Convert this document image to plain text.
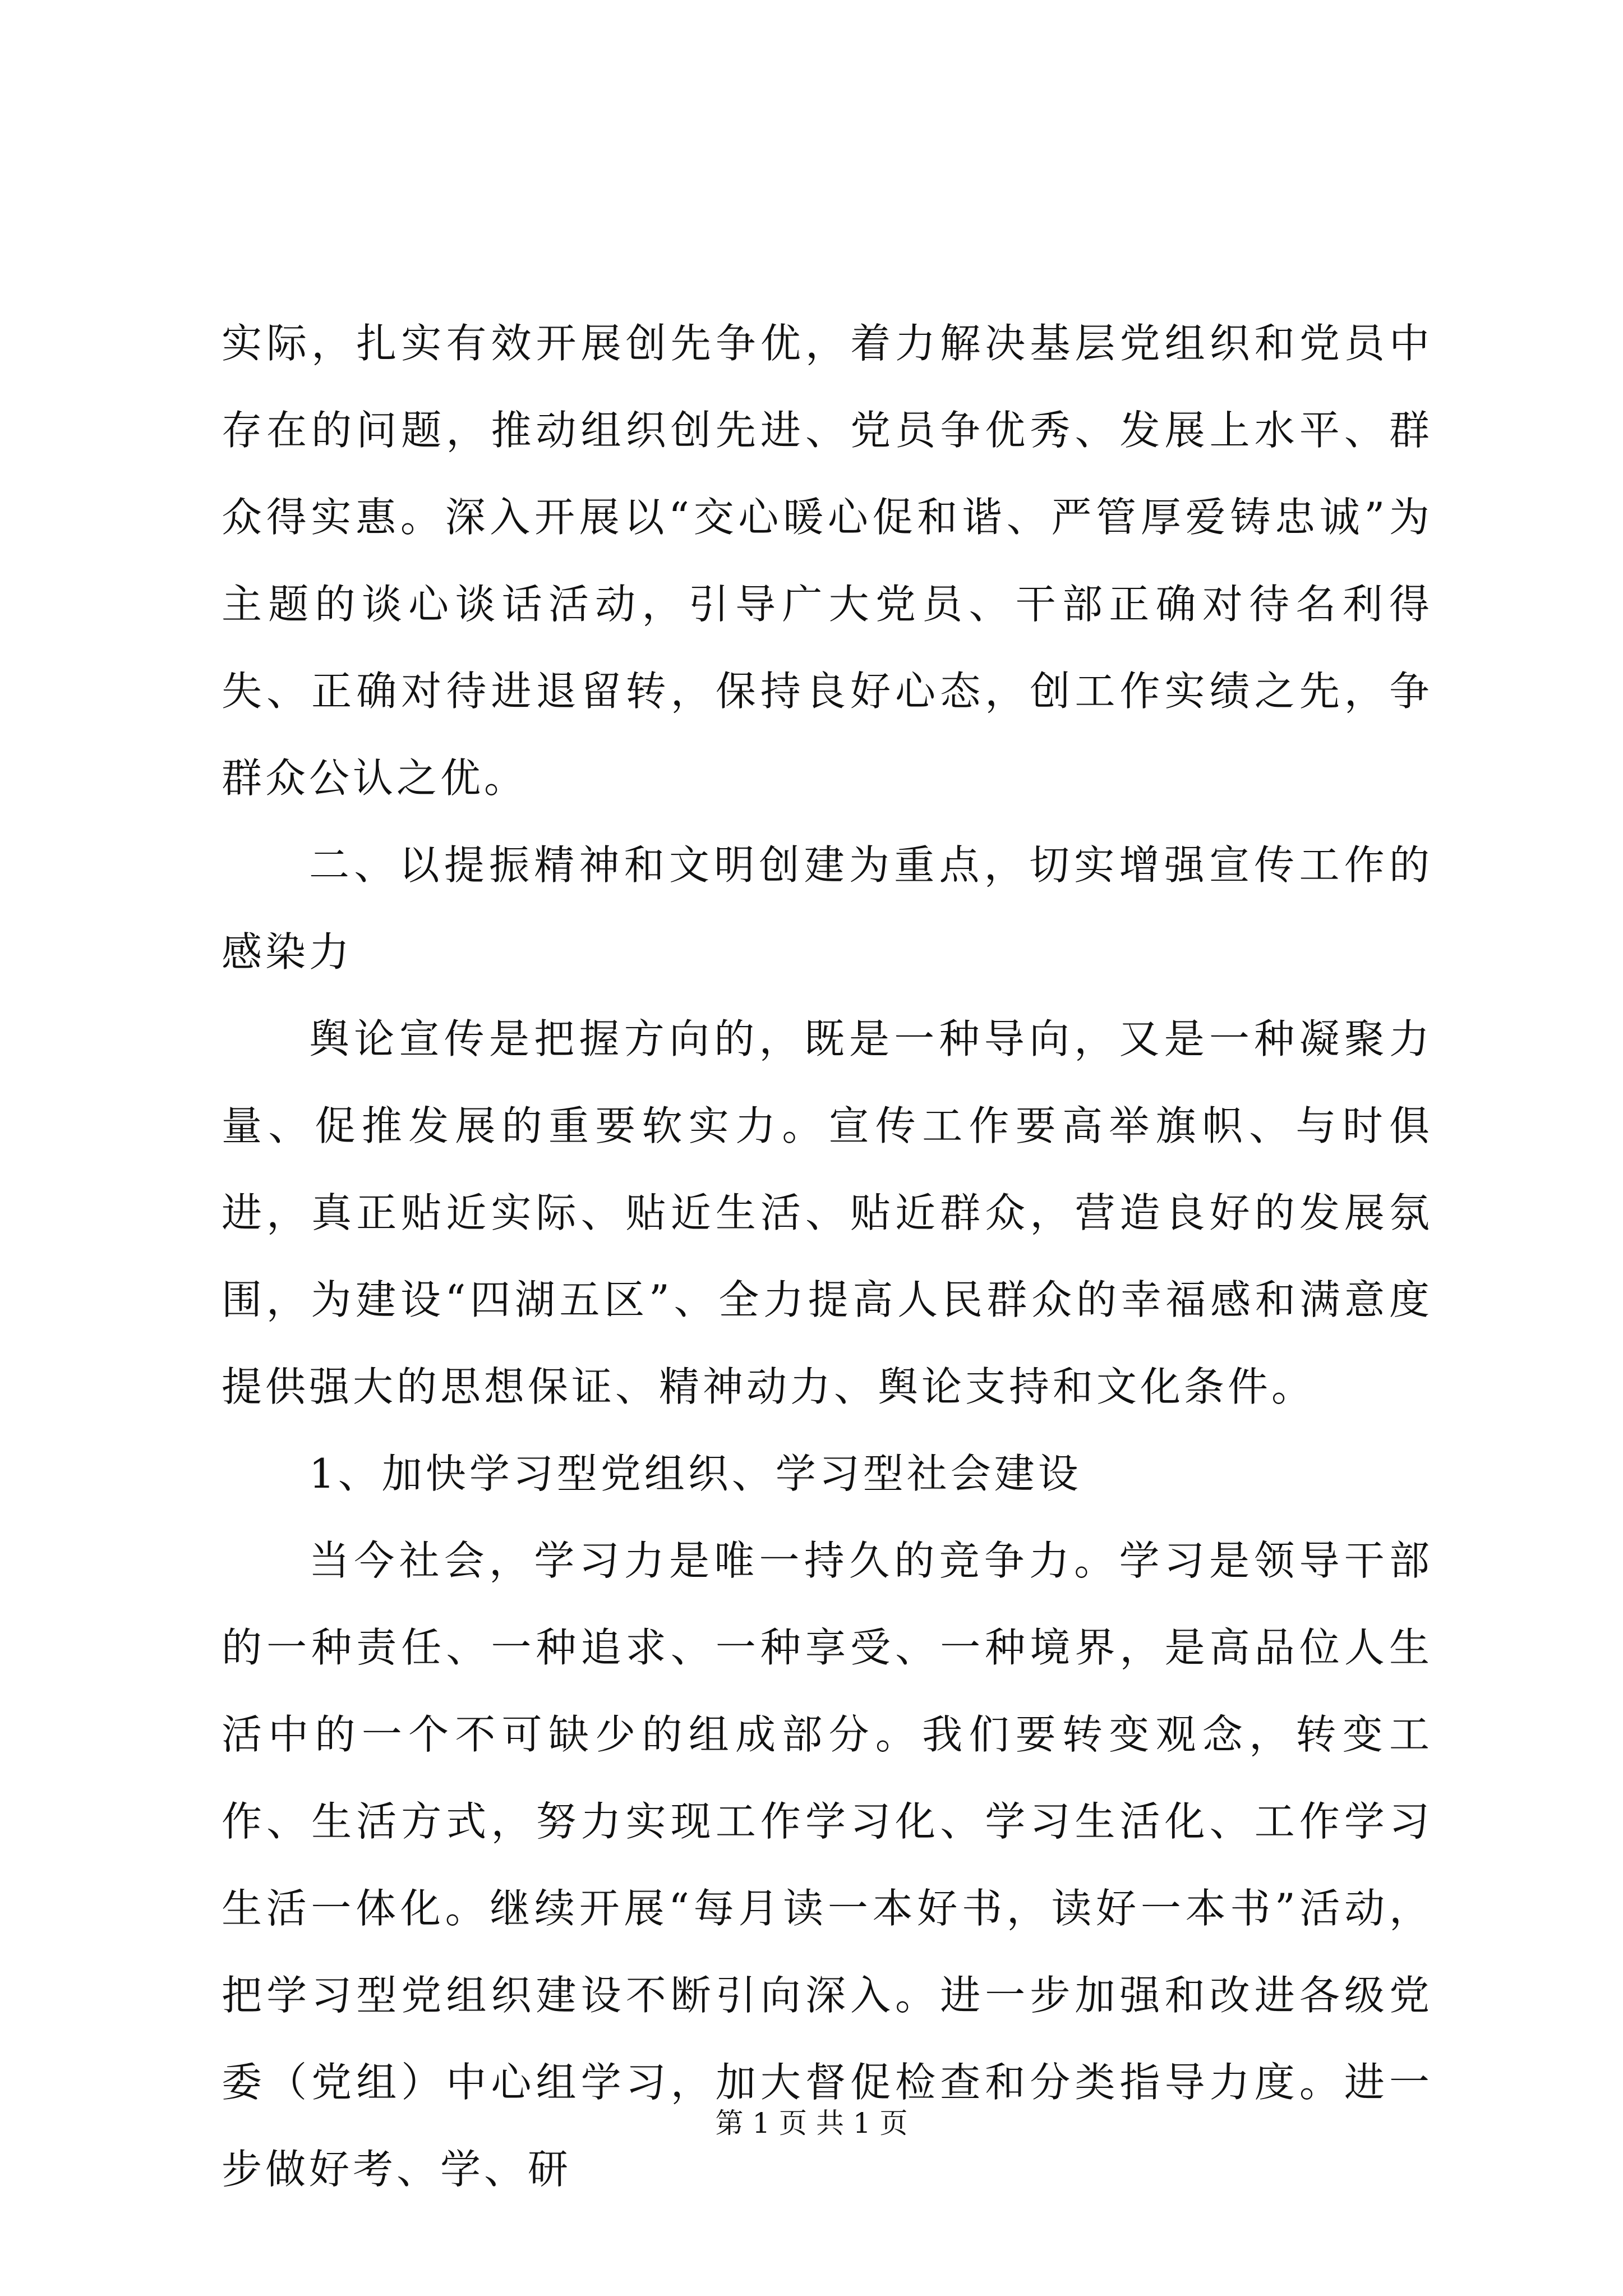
实际，扎实有效开展创先争优，着力解决基层党组织和党员中存在的问题，推动组织创先进、党员争优秀、发展上水平、群众得实惠。深入开展以“交心暖心促和谐、严管厚爱铸忠诚”为主题的谈心谈话活动，引导广大党员、干部正确对待名利得失、正确对待进退留转，保持良好心态，创工作实绩之先，争群众公认之优。

二、以提振精神和文明创建为重点，切实增强宣传工作的感染力

舆论宣传是把握方向的，既是一种导向，又是一种凝聚力量、促推发展的重要软实力。宣传工作要高举旗帜、与时俱进，真正贴近实际、贴近生活、贴近群众，营造良好的发展氛围，为建设“四湖五区”、全力提高人民群众的幸福感和满意度提供强大的思想保证、精神动力、舆论支持和文化条件。

1、加快学习型党组织、学习型社会建设

当今社会，学习力是唯一持久的竞争力。学习是领导干部的一种责任、一种追求、一种享受、一种境界，是高品位人生活中的一个不可缺少的组成部分。我们要转变观念，转变工作、生活方式，努力实现工作学习化、学习生活化、工作学习生活一体化。继续开展“每月读一本好书，读好一本书”活动，把学习型党组织建设不断引向深入。进一步加强和改进各级党委（党组）中心组学习，加大督促检查和分类指导力度。进一步做好考、学、研

第 1 页 共 1 页
